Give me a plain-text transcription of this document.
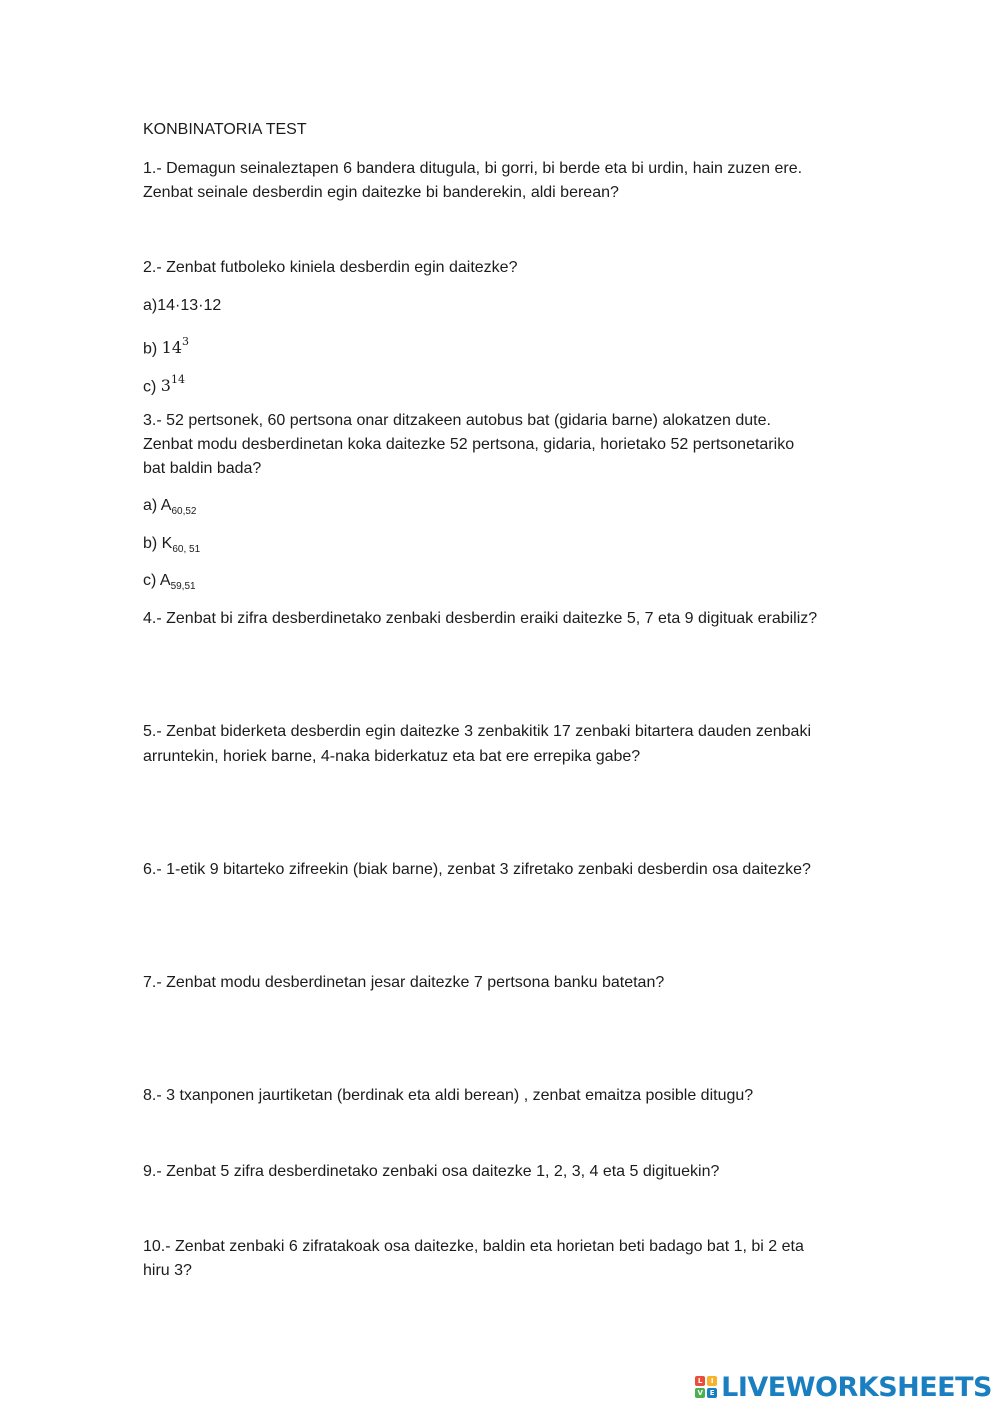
KONBINATORIA TEST
1.- Demagun seinaleztapen 6 bandera ditugula, bi gorri, bi berde eta bi urdin, hain zuzen ere.
Zenbat seinale desberdin egin daitezke bi banderekin, aldi berean?
2.- Zenbat futboleko kiniela desberdin egin daitezke?
a)14·13·12
b) $14^3$
c) $3^{14}$
3.- 52 pertsonek, 60 pertsona onar ditzakeen autobus bat (gidaria barne) alokatzen dute.
Zenbat modu desberdinetan koka daitezke 52 pertsona, gidaria, horietako 52 pertsonetariko
bat baldin bada?
a) $A_{60,52}$
b) $K_{60, 51}$
c) $A_{59,51}$
4.- Zenbat bi zifra desberdinetako zenbaki desberdin eraiki daitezke 5, 7 eta 9 digituak erabiliz?
5.- Zenbat biderketa desberdin egin daitezke 3 zenbakitik 17 zenbaki bitartera dauden zenbaki
arruntekin, horiek barne, 4-naka biderkatuz eta bat ere errepika gabe?
6.- 1-etik 9 bitarteko zifreekin (biak barne), zenbat 3 zifretako zenbaki desberdin osa daitezke?
7.- Zenbat modu desberdinetan jesar daitezke 7 pertsona banku batetan?
8.- 3 txanponen jaurtiketan (berdinak eta aldi berean) , zenbat emaitza posible ditugu?
9.- Zenbat 5 zifra desberdinetako zenbaki osa daitezke 1, 2, 3, 4 eta 5 digituekin?
10.- Zenbat zenbaki 6 zifratakoak osa daitezke, baldin eta horietan beti badago bat 1, bi 2 eta
hiru 3?
L	I
V E LIVEWORKSHEETS
